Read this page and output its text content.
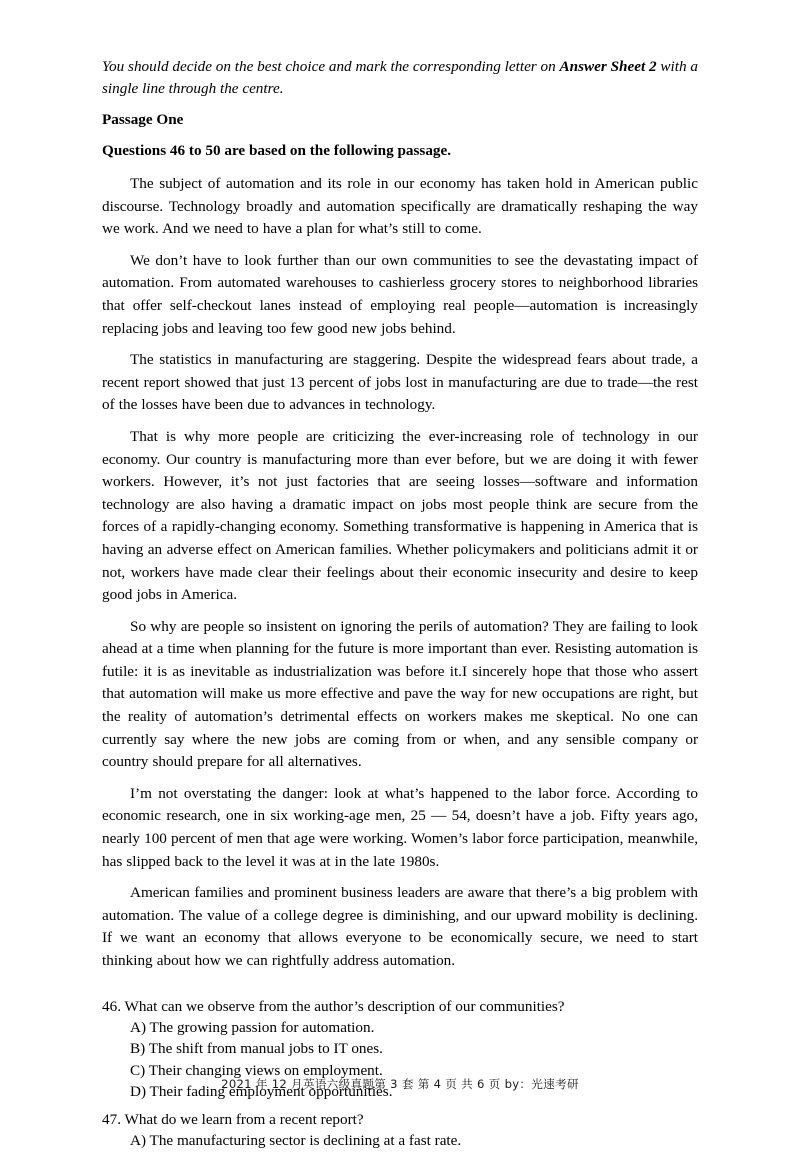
You should decide on the best choice and mark the corresponding letter on Answer Sheet 2 with a single line through the centre.

Passage One

Questions 46 to 50 are based on the following passage.

The subject of automation and its role in our economy has taken hold in American public discourse. Technology broadly and automation specifically are dramatically reshaping the way we work. And we need to have a plan for what’s still to come.

We don’t have to look further than our own communities to see the devastating impact of automation. From automated warehouses to cashierless grocery stores to neighborhood libraries that offer self-checkout lanes instead of employing real people—automation is increasingly replacing jobs and leaving too few good new jobs behind.

The statistics in manufacturing are staggering. Despite the widespread fears about trade, a recent report showed that just 13 percent of jobs lost in manufacturing are due to trade—the rest of the losses have been due to advances in technology.

That is why more people are criticizing the ever-increasing role of technology in our economy. Our country is manufacturing more than ever before, but we are doing it with fewer workers. However, it’s not just factories that are seeing losses—software and information technology are also having a dramatic impact on jobs most people think are secure from the forces of a rapidly-changing economy. Something transformative is happening in America that is having an adverse effect on American families. Whether policymakers and politicians admit it or not, workers have made clear their feelings about their economic insecurity and desire to keep good jobs in America.

So why are people so insistent on ignoring the perils of automation? They are failing to look ahead at a time when planning for the future is more important than ever. Resisting automation is futile: it is as inevitable as industrialization was before it.I sincerely hope that those who assert that automation will make us more effective and pave the way for new occupations are right, but the reality of automation’s detrimental effects on workers makes me skeptical. No one can currently say where the new jobs are coming from or when, and any sensible company or country should prepare for all alternatives.

I’m not overstating the danger: look at what’s happened to the labor force. According to economic research, one in six working-age men, 25 — 54, doesn’t have a job. Fifty years ago, nearly 100 percent of men that age were working. Women’s labor force participation, meanwhile, has slipped back to the level it was at in the late 1980s.

American families and prominent business leaders are aware that there’s a big problem with automation. The value of a college degree is diminishing, and our upward mobility is declining. If we want an economy that allows everyone to be economically secure, we need to start thinking about how we can rightfully address automation.

46. What can we observe from the author’s description of our communities?

A) The growing passion for automation.

B) The shift from manual jobs to IT ones.

C) Their changing views on employment.

D) Their fading employment opportunities.

47. What do we learn from a recent report?

A) The manufacturing sector is declining at a fast rate.

2021 年 12 月英语六级真题第 3 套 第 4 页 共 6 页 by：光速考研
